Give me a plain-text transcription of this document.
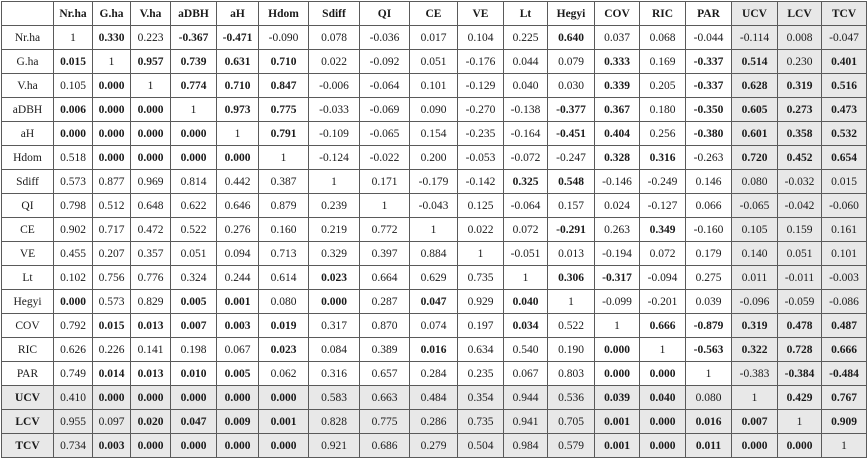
	Nr.ha	G.ha	V.ha	aDBH	aH	Hdom	Sdiff	QI	CE	VE	Lt	Hegyi	COV	RIC	PAR	UCV	LCV	TCV
Nr.ha	1	0.330	0.223	-0.367	-0.471	-0.090	0.078	-0.036	0.017	0.104	0.225	0.640	0.037	0.068	-0.044	-0.114	0.008	-0.047
G.ha	0.015	1	0.957	0.739	0.631	0.710	0.022	-0.092	0.051	-0.176	0.044	0.079	0.333	0.169	-0.337	0.514	0.230	0.401
V.ha	0.105	0.000	1	0.774	0.710	0.847	-0.006	-0.064	0.101	-0.129	0.040	0.030	0.339	0.205	-0.337	0.628	0.319	0.516
aDBH	0.006	0.000	0.000	1	0.973	0.775	-0.033	-0.069	0.090	-0.270	-0.138	-0.377	0.367	0.180	-0.350	0.605	0.273	0.473
aH	0.000	0.000	0.000	0.000	1	0.791	-0.109	-0.065	0.154	-0.235	-0.164	-0.451	0.404	0.256	-0.380	0.601	0.358	0.532
Hdom	0.518	0.000	0.000	0.000	0.000	1	-0.124	-0.022	0.200	-0.053	-0.072	-0.247	0.328	0.316	-0.263	0.720	0.452	0.654
Sdiff	0.573	0.877	0.969	0.814	0.442	0.387	1	0.171	-0.179	-0.142	0.325	0.548	-0.146	-0.249	0.146	0.080	-0.032	0.015
QI	0.798	0.512	0.648	0.622	0.646	0.879	0.239	1	-0.043	0.125	-0.064	0.157	0.024	-0.127	0.066	-0.065	-0.042	-0.060
CE	0.902	0.717	0.472	0.522	0.276	0.160	0.219	0.772	1	0.022	0.072	-0.291	0.263	0.349	-0.160	0.105	0.159	0.161
VE	0.455	0.207	0.357	0.051	0.094	0.713	0.329	0.397	0.884	1	-0.051	0.013	-0.194	0.072	0.179	0.140	0.051	0.101
Lt	0.102	0.756	0.776	0.324	0.244	0.614	0.023	0.664	0.629	0.735	1	0.306	-0.317	-0.094	0.275	0.011	-0.011	-0.003
Hegyi	0.000	0.573	0.829	0.005	0.001	0.080	0.000	0.287	0.047	0.929	0.040	1	-0.099	-0.201	0.039	-0.096	-0.059	-0.086
COV	0.792	0.015	0.013	0.007	0.003	0.019	0.317	0.870	0.074	0.197	0.034	0.522	1	0.666	-0.879	0.319	0.478	0.487
RIC	0.626	0.226	0.141	0.198	0.067	0.023	0.084	0.389	0.016	0.634	0.540	0.190	0.000	1	-0.563	0.322	0.728	0.666
PAR	0.749	0.014	0.013	0.010	0.005	0.062	0.316	0.657	0.284	0.235	0.067	0.803	0.000	0.000	1	-0.383	-0.384	-0.484
UCV	0.410	0.000	0.000	0.000	0.000	0.000	0.583	0.663	0.484	0.354	0.944	0.536	0.039	0.040	0.080	1	0.429	0.767
LCV	0.955	0.097	0.020	0.047	0.009	0.001	0.828	0.775	0.286	0.735	0.941	0.705	0.001	0.000	0.016	0.007	1	0.909
TCV	0.734	0.003	0.000	0.000	0.000	0.000	0.921	0.686	0.279	0.504	0.984	0.579	0.001	0.000	0.011	0.000	0.000	1
